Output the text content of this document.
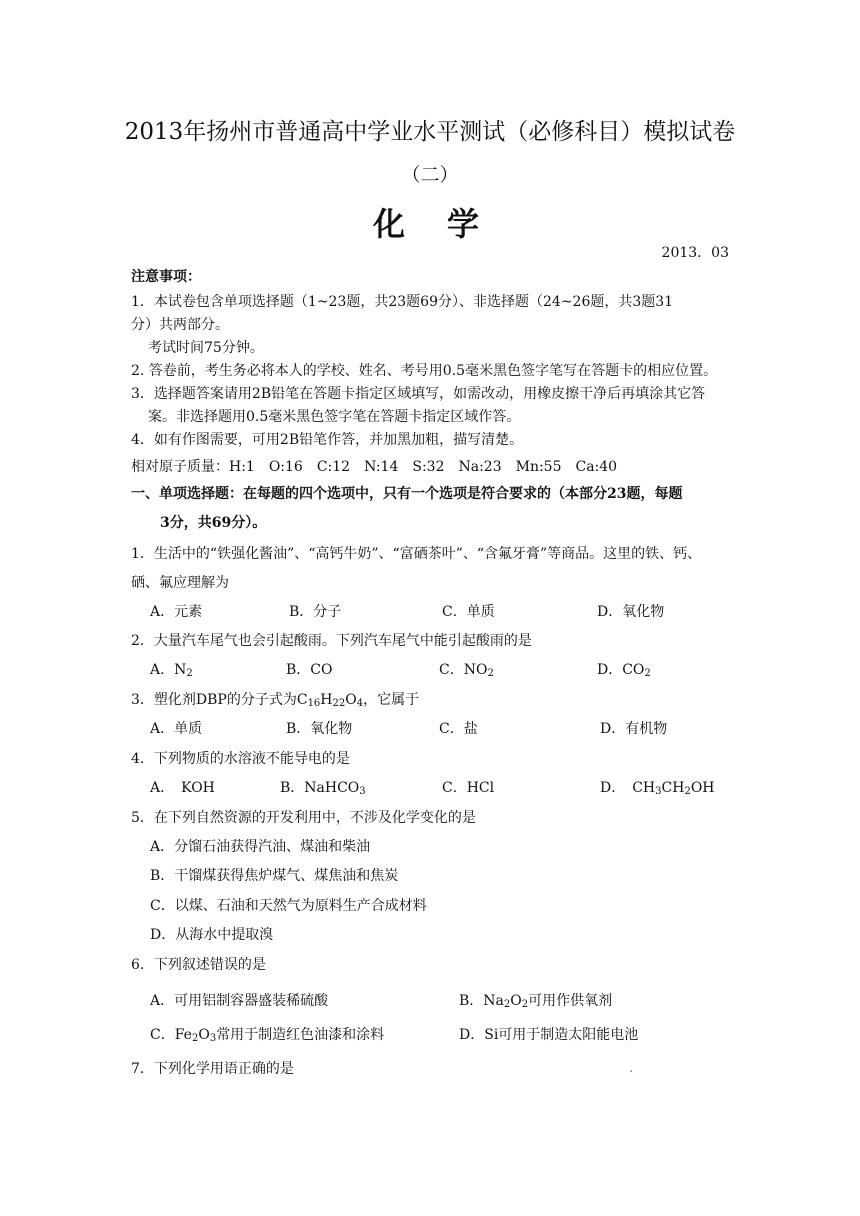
2013年扬州市普通高中学业水平测试（必修科目）模拟试卷
（二）
化 学
2013．03
注意事项：
1．本试卷包含单项选择题（1~23题，共23题69分）、非选择题（24~26题，共3题31
分）共两部分。
考试时间75分钟。
2. 答卷前，考生务必将本人的学校、姓名、考号用0.5毫米黑色签字笔写在答题卡的相应位置。
3．选择题答案请用2B铅笔在答题卡指定区域填写，如需改动，用橡皮擦干净后再填涂其它答
案。非选择题用0.5毫米黑色签字笔在答题卡指定区域作答。
4．如有作图需要，可用2B铅笔作答，并加黑加粗，描写清楚。
相对原子质量：H:1　O:16　C:12　N:14　S:32　Na:23　Mn:55　Ca:40
一、单项选择题：在每题的四个选项中，只有一个选项是符合要求的（本部分23题，每题
3分，共69分）。
1．生活中的“铁强化酱油”、“高钙牛奶”、“富硒茶叶”、“含氟牙膏”等商品。这里的铁、钙、
硒、氟应理解为
A．元素	B．分子	C．单质	D．氧化物
2．大量汽车尾气也会引起酸雨。下列汽车尾气中能引起酸雨的是
A．$N_2$	B．CO	C．$NO_2$	D．$CO_2$
3．塑化剂DBP的分子式为$C_{16}H_{22}O_4$，它属于
A．单质	B．氧化物	C．盐	D．有机物
4．下列物质的水溶液不能导电的是
A．　KOH	B．NaHCO$_3$	C．HCl	D．　$CH_3CH_2OH$
5．在下列自然资源的开发利用中，不涉及化学变化的是
A．分馏石油获得汽油、煤油和柴油
B．干馏煤获得焦炉煤气、煤焦油和焦炭
C．以煤、石油和天然气为原料生产合成材料
D．从海水中提取溴
6．下列叙述错误的是
A．可用铝制容器盛装稀硫酸	B．$Na_2O_2$可用作供氧剂
C．$Fe_2O_3$常用于制造红色油漆和涂料	D．Si可用于制造太阳能电池
7．下列化学用语正确的是	.
